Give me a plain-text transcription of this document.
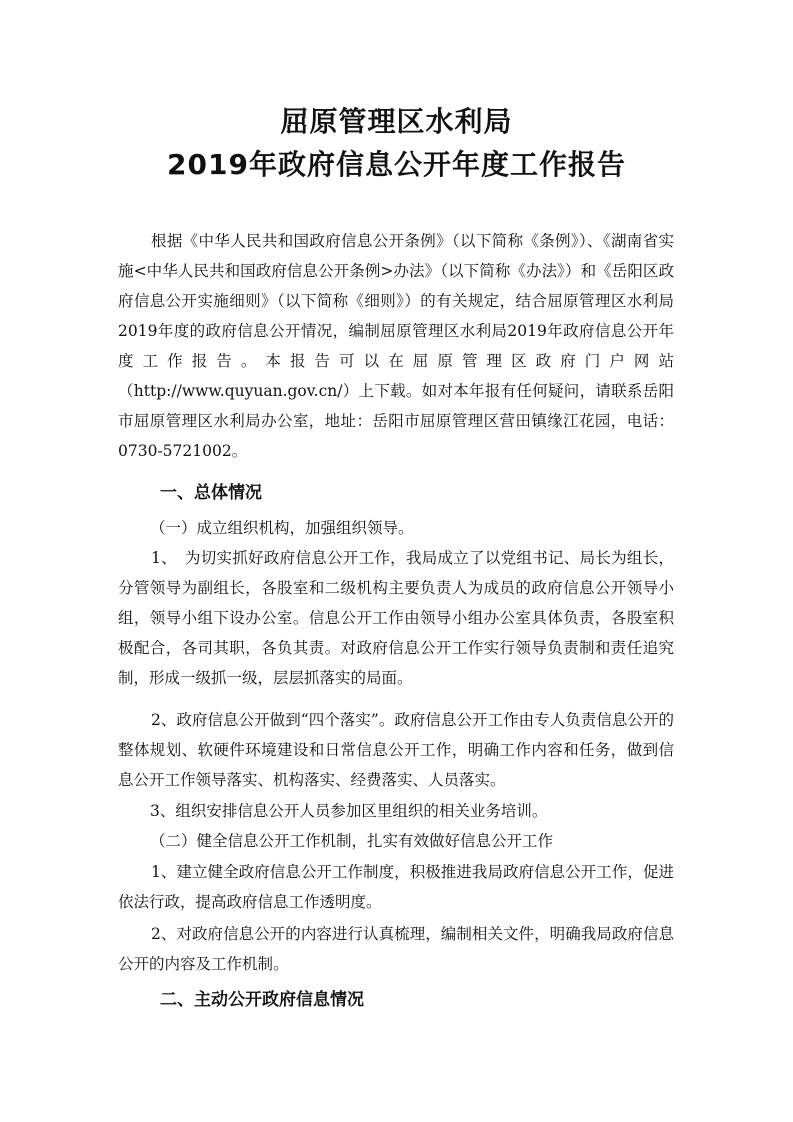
屈原管理区水利局
2019年政府信息公开年度工作报告

根据《中华人民共和国政府信息公开条例》（以下简称《条例》）、《湖南省实施<中华人民共和国政府信息公开条例>办法》（以下简称《办法》）和《岳阳区政府信息公开实施细则》（以下简称《细则》）的有关规定，结合屈原管理区水利局2019年度的政府信息公开情况，编制屈原管理区水利局2019年政府信息公开年度工作报告。本报告可以在屈原管理区政府门户网站（http://www.quyuan.gov.cn/）上下载。如对本年报有任何疑问，请联系岳阳市屈原管理区水利局办公室，地址：岳阳市屈原管理区营田镇缘江花园，电话：0730-5721002。

一、总体情况
（一）成立组织机构，加强组织领导。

1、　为切实抓好政府信息公开工作，我局成立了以党组书记、局长为组长，分管领导为副组长，各股室和二级机构主要负责人为成员的政府信息公开领导小组，领导小组下设办公室。信息公开工作由领导小组办公室具体负责，各股室积极配合，各司其职，各负其责。对政府信息公开工作实行领导负责制和责任追究制，形成一级抓一级，层层抓落实的局面。

2、政府信息公开做到“四个落实”。政府信息公开工作由专人负责信息公开的整体规划、软硬件环境建设和日常信息公开工作，明确工作内容和任务，做到信息公开工作领导落实、机构落实、经费落实、人员落实。

3、组织安排信息公开人员参加区里组织的相关业务培训。
（二）健全信息公开工作机制，扎实有效做好信息公开工作

1、建立健全政府信息公开工作制度，积极推进我局政府信息公开工作，促进依法行政，提高政府信息工作透明度。

2、对政府信息公开的内容进行认真梳理，编制相关文件，明确我局政府信息公开的内容及工作机制。

二、主动公开政府信息情况
